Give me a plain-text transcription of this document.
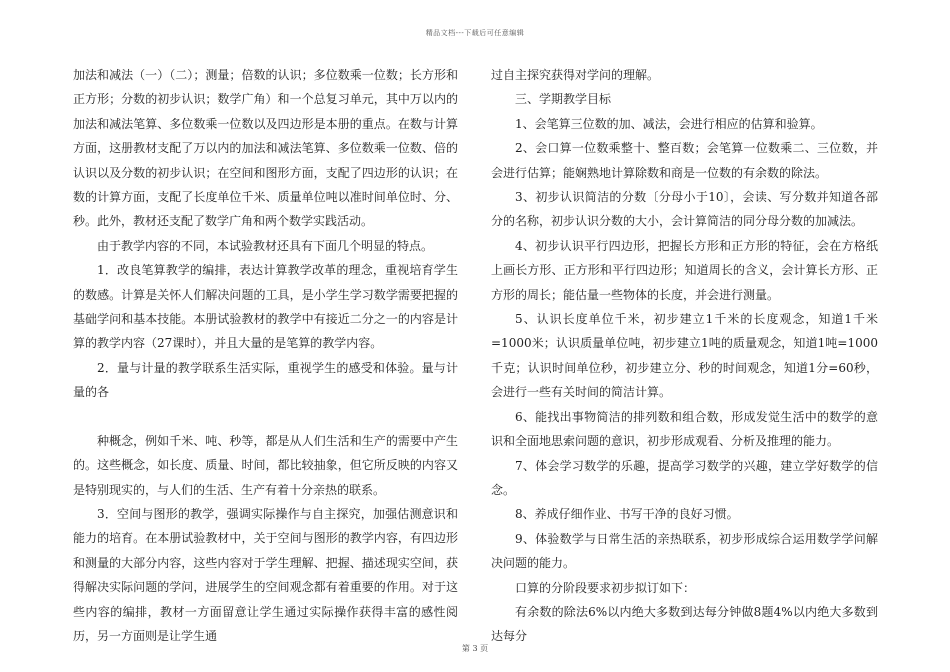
精品文档---下载后可任意编辑

加法和减法（一）（二）；测量；倍数的认识；多位数乘一位数；长方形和正方形；分数的初步认识；数学广角）和一个总复习单元，其中万以内的加法和减法笔算、多位数乘一位数以及四边形是本册的重点。在数与计算方面，这册教材支配了万以内的加法和减法笔算、多位数乘一位数、倍的认识以及分数的初步认识；在空间和图形方面，支配了四边形的认识；在数的计算方面，支配了长度单位千米、质量单位吨以准时间单位时、分、秒。此外，教材还支配了数学广角和两个数学实践活动。

由于教学内容的不同，本试验教材还具有下面几个明显的特点。

1．改良笔算教学的编排，表达计算教学改革的理念，重视培育学生的数感。计算是关怀人们解决问题的工具，是小学生学习数学需要把握的基础学问和基本技能。本册试验教材的教学中有接近二分之一的内容是计算的教学内容（27课时），并且大量的是笔算的教学内容。

2．量与计量的教学联系生活实际，重视学生的感受和体验。量与计量的各

种概念，例如千米、吨、秒等，都是从人们生活和生产的需要中产生的。这些概念，如长度、质量、时间，都比较抽象，但它所反映的内容又是特别现实的，与人们的生活、生产有着十分亲热的联系。

3．空间与图形的教学，强调实际操作与自主探究，加强估测意识和能力的培育。在本册试验教材中，关于空间与图形的教学内容，有四边形和测量的大部分内容，这些内容对于学生理解、把握、描述现实空间，获得解决实际问题的学问，进展学生的空间观念都有着重要的作用。对于这些内容的编排，教材一方面留意让学生通过实际操作获得丰富的感性阅历，另一方面则是让学生通

过自主探究获得对学问的理解。

三、学期教学目标

1、会笔算三位数的加、减法，会进行相应的估算和验算。

2、会口算一位数乘整十、整百数；会笔算一位数乘二、三位数，并会进行估算；能娴熟地计算除数和商是一位数的有余数的除法。

3、初步认识简洁的分数〔分母小于10〕，会读、写分数并知道各部分的名称，初步认识分数的大小，会计算简洁的同分母分数的加减法。

4、初步认识平行四边形，把握长方形和正方形的特征，会在方格纸上画长方形、正方形和平行四边形；知道周长的含义，会计算长方形、正方形的周长；能估量一些物体的长度，并会进行测量。

5、认识长度单位千米，初步建立1千米的长度观念，知道1千米=1000米；认识质量单位吨，初步建立1吨的质量观念，知道1吨=1000千克；认识时间单位秒，初步建立分、秒的时间观念，知道1分=60秒，会进行一些有关时间的简洁计算。

6、能找出事物简洁的排列数和组合数，形成发觉生活中的数学的意识和全面地思索问题的意识，初步形成观看、分析及推理的能力。

7、体会学习数学的乐趣，提高学习数学的兴趣，建立学好数学的信念。

8、养成仔细作业、书写干净的良好习惯。

9、体验数学与日常生活的亲热联系，初步形成综合运用数学学问解决问题的能力。

口算的分阶段要求初步拟订如下：

有余数的除法6%以内绝大多数到达每分钟做8题4%以内绝大多数到达每分

第 3 页
